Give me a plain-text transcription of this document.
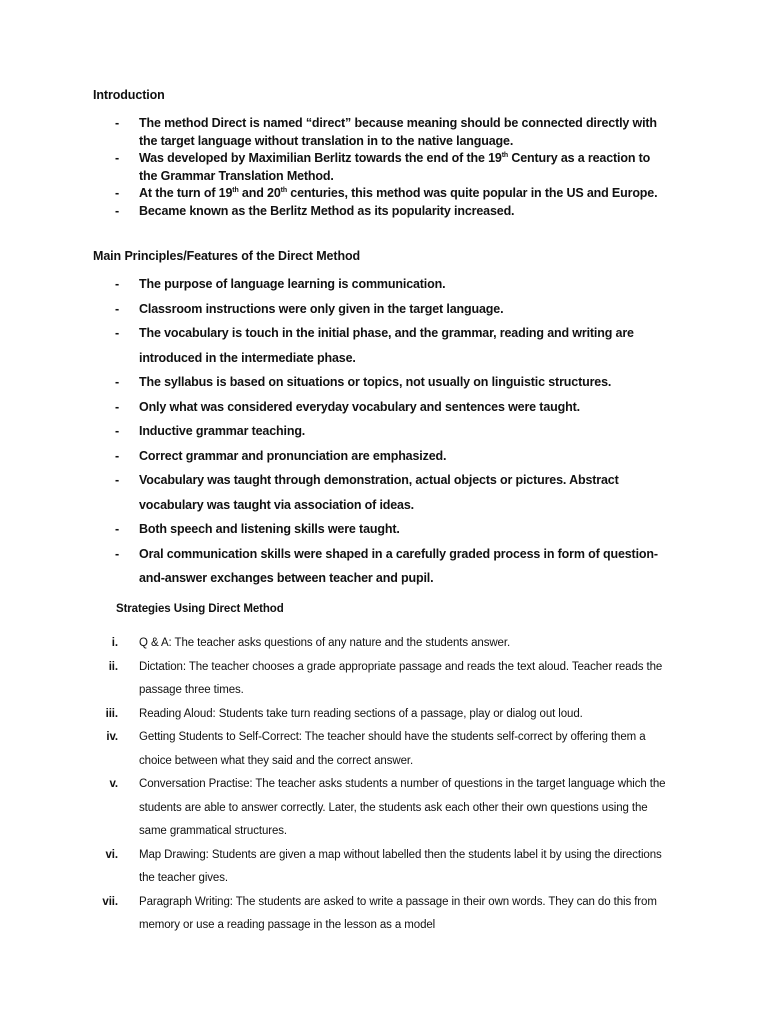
Introduction
- The method Direct is named “direct” because meaning should be connected directly with the target language without translation in to the native language.
- Was developed by Maximilian Berlitz towards the end of the 19th Century as a reaction to the Grammar Translation Method.
- At the turn of 19th and 20th centuries, this method was quite popular in the US and Europe.
- Became known as the Berlitz Method as its popularity increased.
Main Principles/Features of the Direct Method
- The purpose of language learning is communication.
- Classroom instructions were only given in the target language.
- The vocabulary is touch in the initial phase, and the grammar, reading and writing are introduced in the intermediate phase.
- The syllabus is based on situations or topics, not usually on linguistic structures.
- Only what was considered everyday vocabulary and sentences were taught.
- Inductive grammar teaching.
- Correct grammar and pronunciation are emphasized.
- Vocabulary was taught through demonstration, actual objects or pictures. Abstract vocabulary was taught via association of ideas.
- Both speech and listening skills were taught.
- Oral communication skills were shaped in a carefully graded process in form of question-and-answer exchanges between teacher and pupil.
Strategies Using Direct Method
i. Q & A: The teacher asks questions of any nature and the students answer.
ii. Dictation: The teacher chooses a grade appropriate passage and reads the text aloud. Teacher reads the passage three times.
iii. Reading Aloud: Students take turn reading sections of a passage, play or dialog out loud.
iv. Getting Students to Self-Correct: The teacher should have the students self-correct by offering them a choice between what they said and the correct answer.
v. Conversation Practise: The teacher asks students a number of questions in the target language which the students are able to answer correctly. Later, the students ask each other their own questions using the same grammatical structures.
vi. Map Drawing: Students are given a map without labelled then the students label it by using the directions the teacher gives.
vii. Paragraph Writing: The students are asked to write a passage in their own words. They can do this from memory or use a reading passage in the lesson as a model
